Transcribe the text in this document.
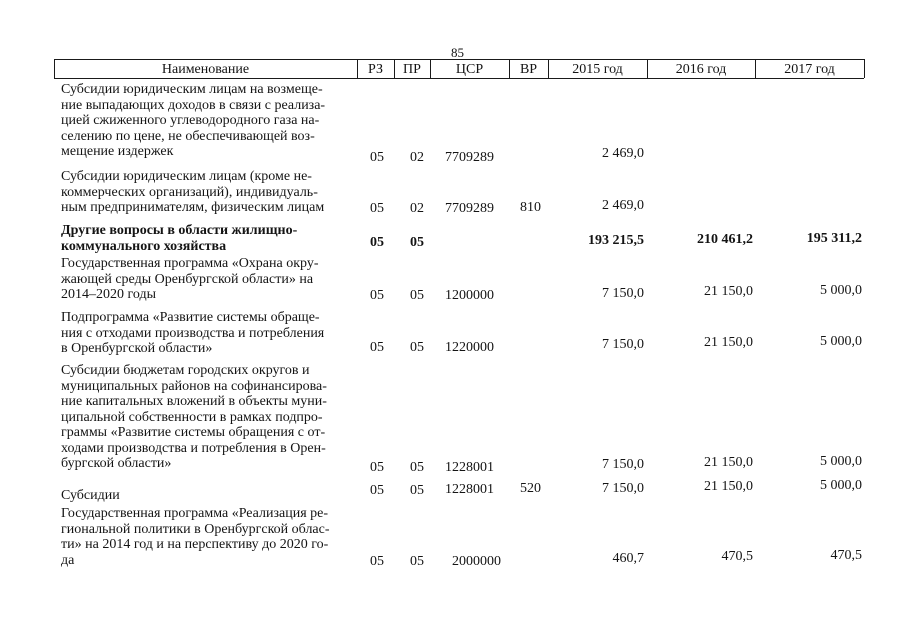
85
Наименование	РЗ	ПР	ЦСР	ВР	2015 год	2016 год	2017 год
Субсидии юридическим лицам на возмеще-
ние выпадающих доходов в связи с реализа-
цией сжиженного углеводородного газа на-
селению по цене, не обеспечивающей воз-
мещение издержек	05 02 7709289	2 469,0
Субсидии юридическим лицам (кроме не-
коммерческих организаций), индивидуаль-
ным предпринимателям, физическим лицам	05 02 7709289 810	2 469,0
Другие вопросы в области жилищно-
коммунального хозяйства	05 05	193 215,5	210 461,2	195 311,2
Государственная программа «Охрана окру-
жающей среды Оренбургской области» на
2014–2020 годы	05 05 1200000	7 150,0	21 150,0	5 000,0
Подпрограмма «Развитие системы обраще-
ния с отходами производства и потребления
в Оренбургской области»	05 05 1220000	7 150,0	21 150,0	5 000,0
Субсидии бюджетам городских округов и
муниципальных районов на софинансирова-
ние капитальных вложений в объекты муни-
ципальной собственности в рамках подпро-
граммы «Развитие системы обращения с от-
ходами производства и потребления в Орен-
бургской области»	05 05 1228001	7 150,0	21 150,0	5 000,0
Субсидии	05 05 1228001 520	7 150,0	21 150,0	5 000,0
Государственная программа «Реализация ре-
гиональной политики в Оренбургской облас-
ти» на 2014 год и на перспективу до 2020 го-
да	05 05 2000000	460,7	470,5	470,5
